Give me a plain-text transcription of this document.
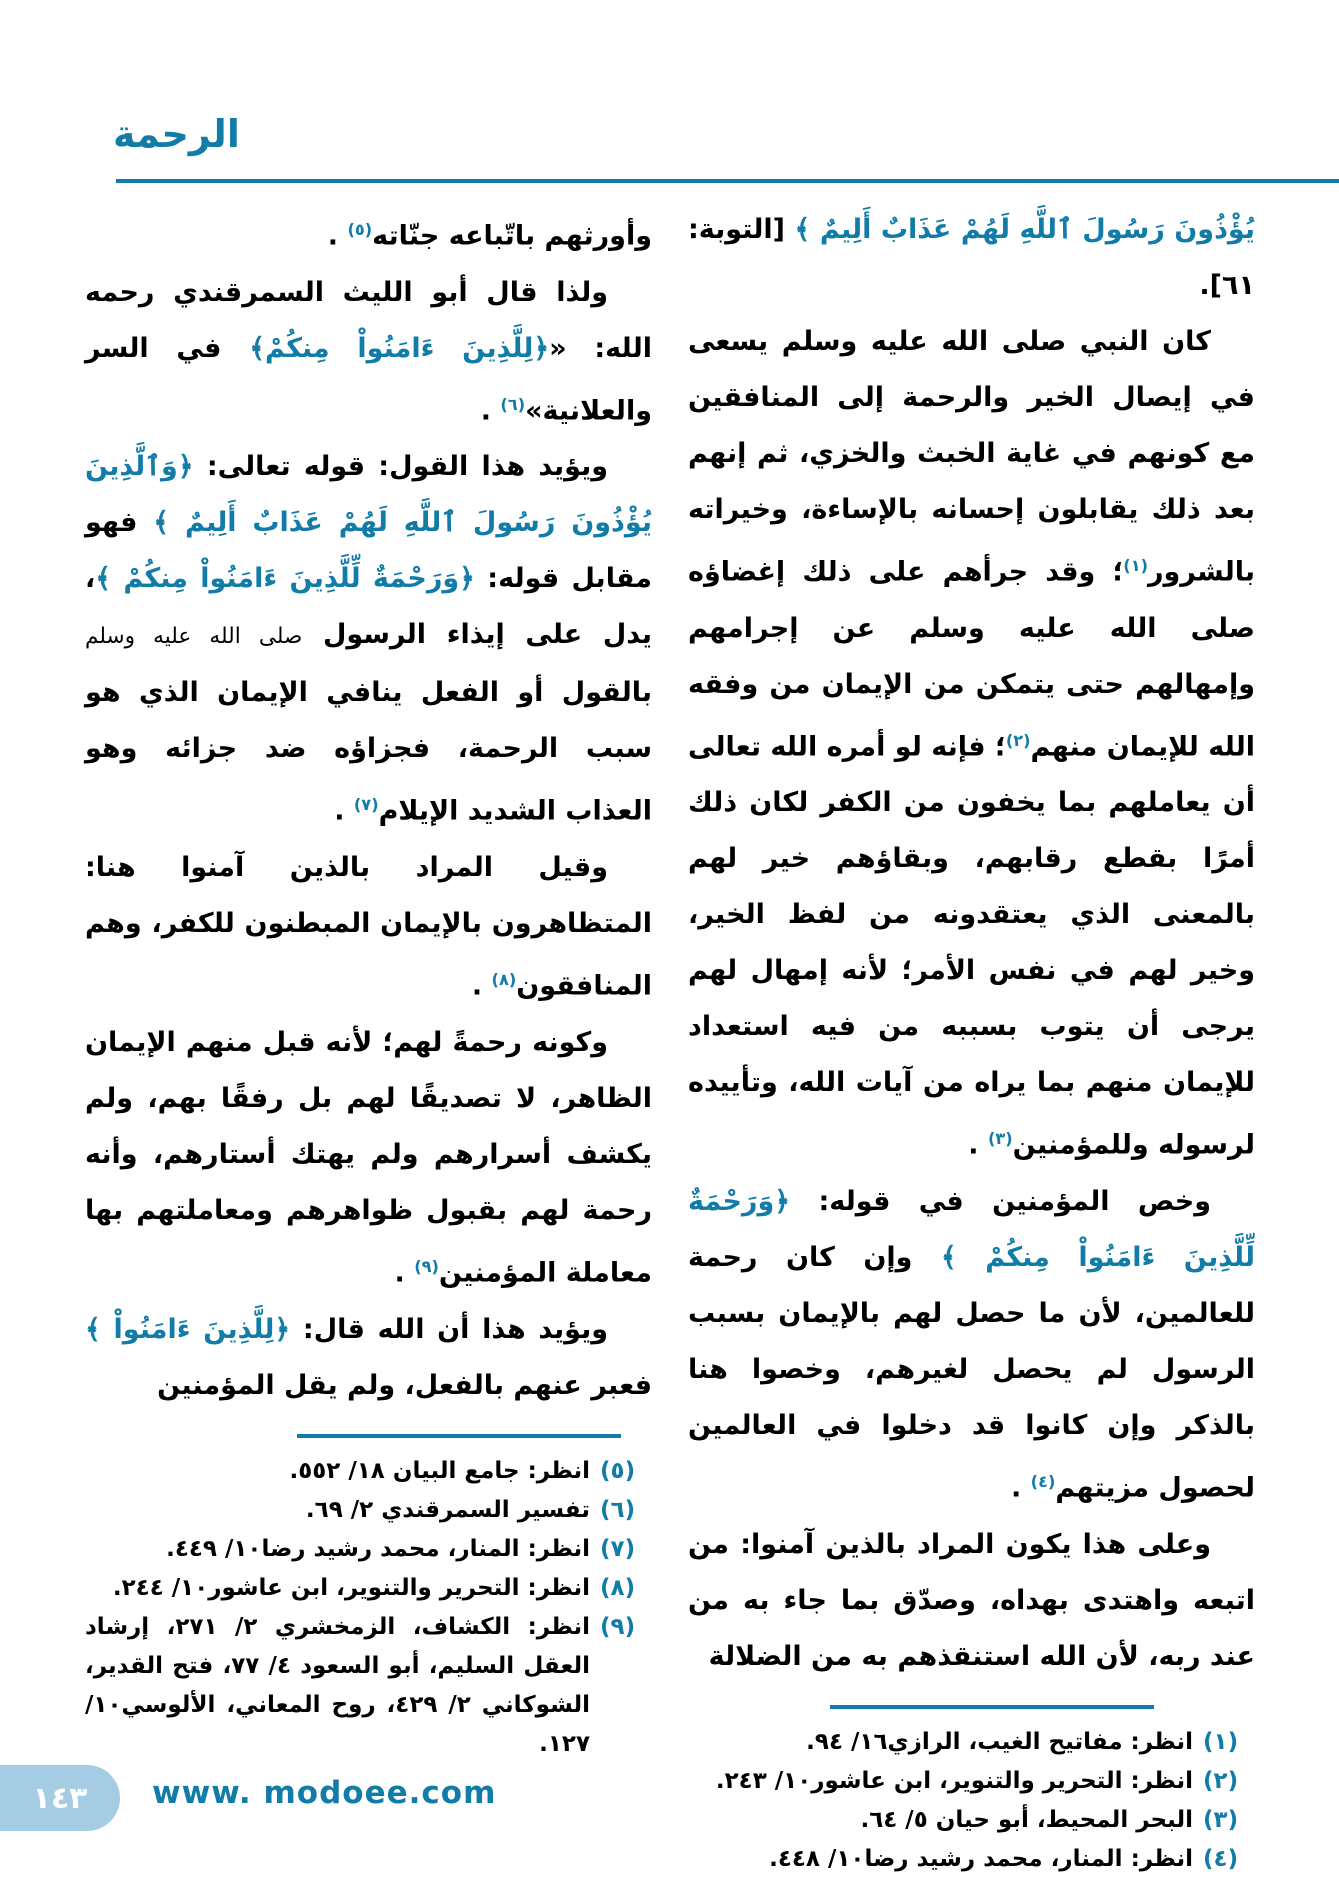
الرحمة

يُؤْذُونَ رَسُولَ ٱللَّهِ لَهُمْ عَذَابٌ أَلِيمٌ ﴾ [التوبة: ٦١].

كان النبي صلى الله عليه وسلم يسعى في إيصال الخير والرحمة إلى المنافقين مع كونهم في غاية الخبث والخزي، ثم إنهم بعد ذلك يقابلون إحسانه بالإساءة، وخيراته بالشرور$^{(١)}$؛ وقد جرأهم على ذلك إغضاؤه صلى الله عليه وسلم عن إجرامهم وإمهالهم حتى يتمكن من الإيمان من وفقه الله للإيمان منهم$^{(٢)}$؛ فإنه لو أمره الله تعالى أن يعاملهم بما يخفون من الكفر لكان ذلك أمرًا بقطع رقابهم، وبقاؤهم خير لهم بالمعنى الذي يعتقدونه من لفظ الخير، وخير لهم في نفس الأمر؛ لأنه إمهال لهم يرجى أن يتوب بسببه من فيه استعداد للإيمان منهم بما يراه من آيات الله، وتأييده لرسوله وللمؤمنين$^{(٣)}$ .

وخص المؤمنين في قوله: ﴿وَرَحْمَةٌ لِّلَّذِينَ ءَامَنُواْ مِنكُمْ ﴾ وإن كان رحمة للعالمين، لأن ما حصل لهم بالإيمان بسبب الرسول لم يحصل لغيرهم، وخصوا هنا بالذكر وإن كانوا قد دخلوا في العالمين لحصول مزيتهم$^{(٤)}$ .

وعلى هذا يكون المراد بالذين آمنوا: من اتبعه واهتدى بهداه، وصدّق بما جاء به من عند ربه، لأن الله استنقذهم به من الضلالة

(١)
انظر: مفاتيح الغيب، الرازي١٦/ ٩٤.
(٢)
انظر: التحرير والتنوير، ابن عاشور١٠/ ٢٤٣.
(٣)
البحر المحيط، أبو حيان ٥/ ٦٤.
(٤)
انظر: المنار، محمد رشيد رضا١٠/ ٤٤٨.

وأورثهم باتّباعه جنّاته$^{(٥)}$ .

ولذا قال أبو الليث السمرقندي رحمه الله: «﴿لِلَّذِينَ ءَامَنُواْ مِنكُمْ﴾ في السر والعلانية»$^{(٦)}$ .

ويؤيد هذا القول: قوله تعالى: ﴿وَٱلَّذِينَ يُؤْذُونَ رَسُولَ ٱللَّهِ لَهُمْ عَذَابٌ أَلِيمٌ ﴾ فهو مقابل قوله: ﴿وَرَحْمَةٌ لِّلَّذِينَ ءَامَنُواْ مِنكُمْ ﴾، يدل على إيذاء الرسول صلى الله عليه وسلم بالقول أو الفعل ينافي الإيمان الذي هو سبب الرحمة، فجزاؤه ضد جزائه وهو العذاب الشديد الإيلام$^{(٧)}$ .

وقيل المراد بالذين آمنوا هنا: المتظاهرون بالإيمان المبطنون للكفر، وهم المنافقون$^{(٨)}$ .

وكونه رحمةً لهم؛ لأنه قبل منهم الإيمان الظاهر، لا تصديقًا لهم بل رفقًا بهم، ولم يكشف أسرارهم ولم يهتك أستارهم، وأنه رحمة لهم بقبول ظواهرهم ومعاملتهم بها معاملة المؤمنين$^{(٩)}$ .

ويؤيد هذا أن الله قال: ﴿لِلَّذِينَ ءَامَنُواْ ﴾ فعبر عنهم بالفعل، ولم يقل المؤمنين

(٥)
انظر: جامع البيان ١٨/ ٥٥٢.
(٦)
تفسير السمرقندي ٢/ ٦٩.
(٧)
انظر: المنار، محمد رشيد رضا١٠/ ٤٤٩.
(٨)
انظر: التحرير والتنوير، ابن عاشور١٠/ ٢٤٤.
(٩)
انظر: الكشاف، الزمخشري ٢/ ٢٧١، إرشاد العقل السليم، أبو السعود ٤/ ٧٧، فتح القدير، الشوكاني ٢/ ٤٢٩، روح المعاني، الألوسي١٠/ ١٢٧.
١٤٣ www. modoee.com
